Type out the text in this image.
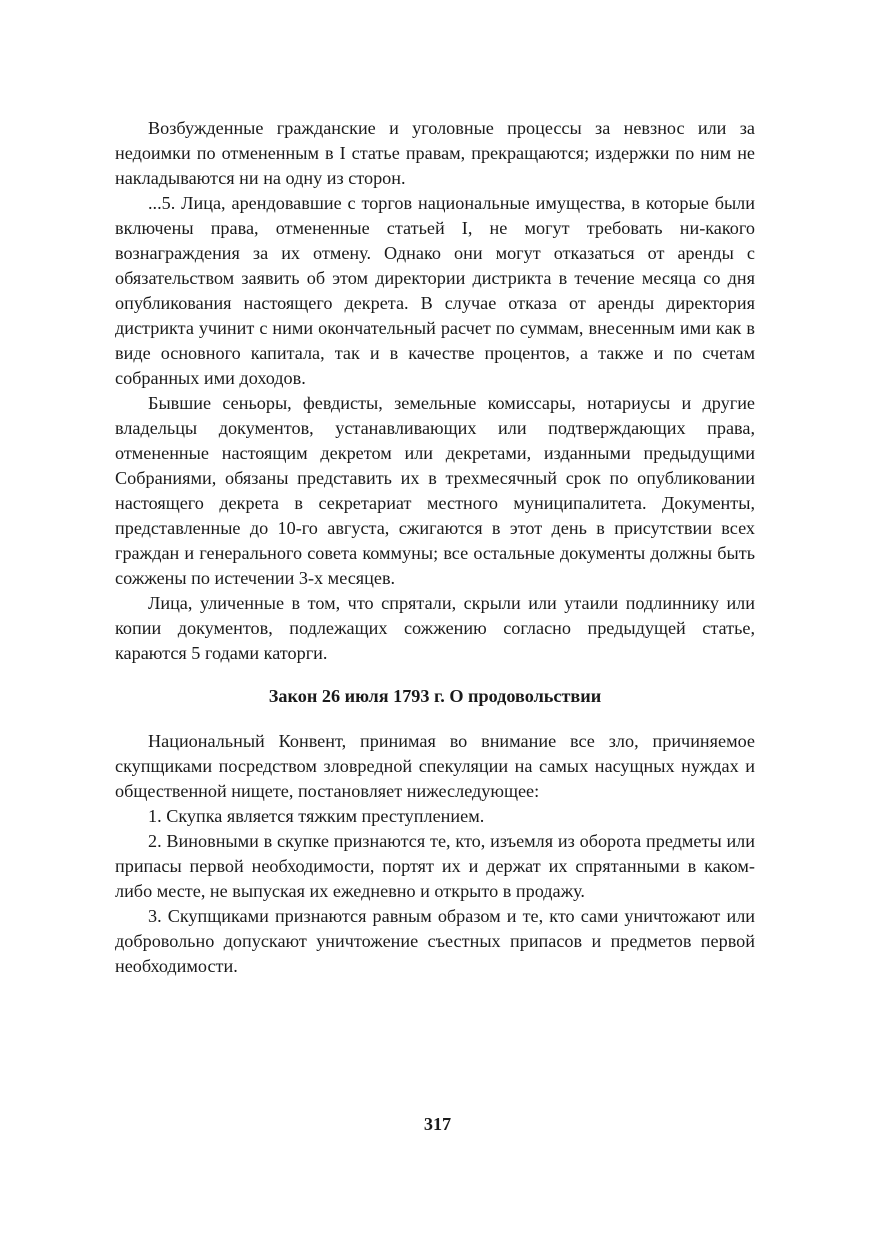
Возбужденные гражданские и уголовные процессы за невзнос или за недоимки по отмененным в I статье правам, прекращаются; издержки по ним не накладываются ни на одну из сторон.

...5. Лица, арендовавшие с торгов национальные имущества, в которые были включены права, отмененные статьей I, не могут требовать ни-какого вознаграждения за их отмену. Однако они могут отказаться от аренды с обязательством заявить об этом директории дистрикта в течение месяца со дня опубликования настоящего декрета. В случае отказа от аренды директория дистрикта учинит с ними окончательный расчет по суммам, внесенным ими как в виде основного капитала, так и в качестве процентов, а также и по счетам собранных ими доходов.

Бывшие сеньоры, февдисты, земельные комиссары, нотариусы и другие владельцы документов, устанавливающих или подтверждающих права, отмененные настоящим декретом или декретами, изданными предыдущими Собраниями, обязаны представить их в трехмесячный срок по опубликовании настоящего декрета в секретариат местного муниципалитета. Документы, представленные до 10-го августа, сжигаются в этот день в присутствии всех граждан и генерального совета коммуны; все остальные документы должны быть сожжены по истечении 3-х месяцев.

Лица, уличенные в том, что спрятали, скрыли или утаили подлиннику или копии документов, подлежащих сожжению согласно предыдущей статье, караются 5 годами каторги.

Закон 26 июля 1793 г. О продовольствии

Национальный Конвент, принимая во внимание все зло, причиняемое скупщиками посредством зловредной спекуляции на самых насущных нуждах и общественной нищете, постановляет нижеследующее:

1. Скупка является тяжким преступлением.

2. Виновными в скупке признаются те, кто, изъемля из оборота предметы или припасы первой необходимости, портят их и держат их спрятанными в каком-либо месте, не выпуская их ежедневно и открыто в продажу.

3. Скупщиками признаются равным образом и те, кто сами уничтожают или добровольно допускают уничтожение съестных припасов и предметов первой необходимости.

317
